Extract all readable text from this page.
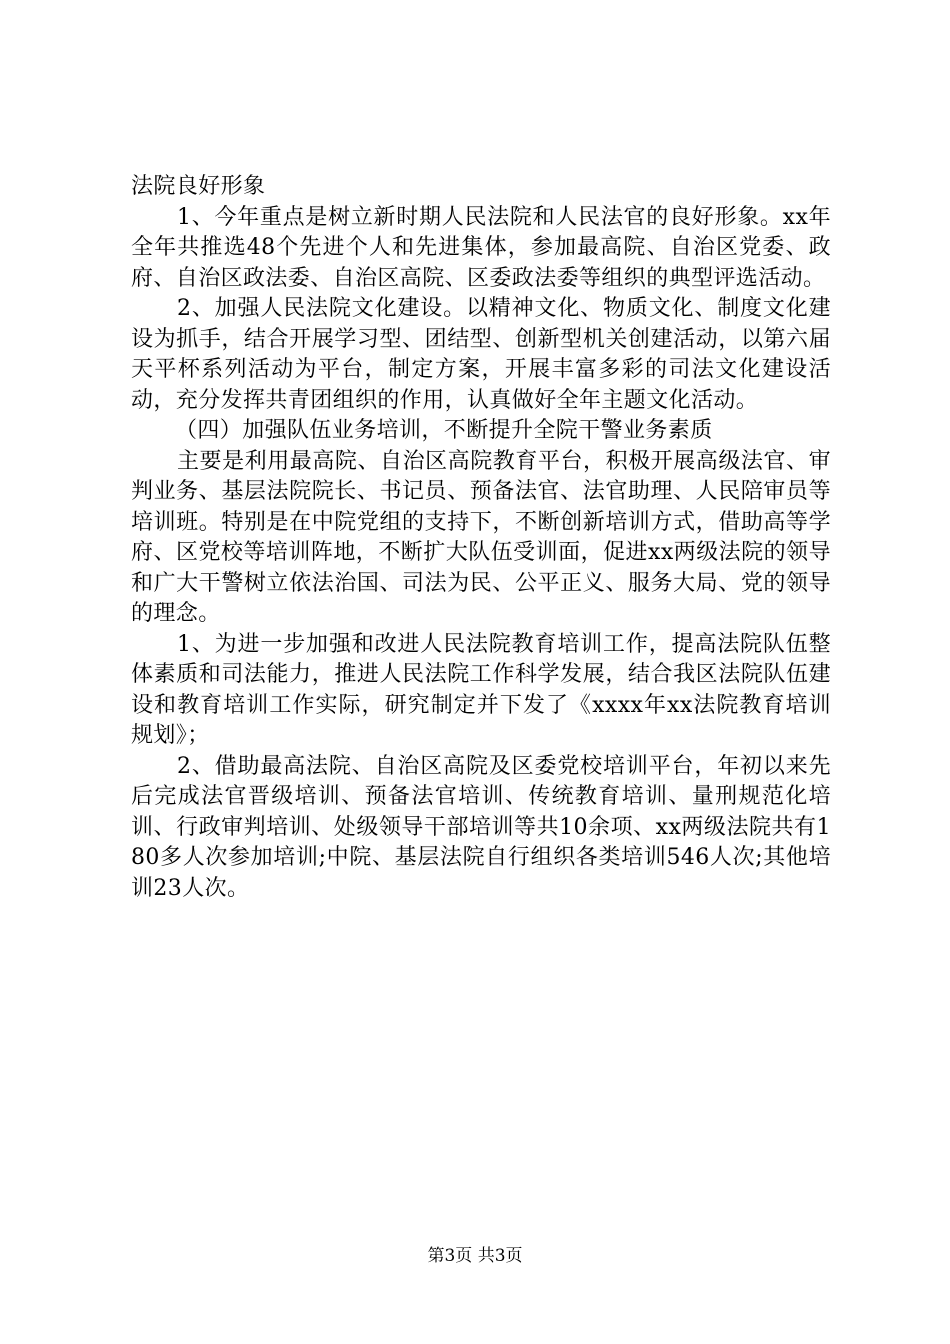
法院良好形象

1、今年重点是树立新时期人民法院和人民法官的良好形象。xx年全年共推选48个先进个人和先进集体，参加最高院、自治区党委、政府、自治区政法委、自治区高院、区委政法委等组织的典型评选活动。

2、加强人民法院文化建设。以精神文化、物质文化、制度文化建设为抓手，结合开展学习型、团结型、创新型机关创建活动，以第六届天平杯系列活动为平台，制定方案，开展丰富多彩的司法文化建设活动，充分发挥共青团组织的作用，认真做好全年主题文化活动。

（四）加强队伍业务培训，不断提升全院干警业务素质

主要是利用最高院、自治区高院教育平台，积极开展高级法官、审判业务、基层法院院长、书记员、预备法官、法官助理、人民陪审员等培训班。特别是在中院党组的支持下，不断创新培训方式，借助高等学府、区党校等培训阵地，不断扩大队伍受训面，促进xx两级法院的领导和广大干警树立依法治国、司法为民、公平正义、服务大局、党的领导的理念。

1、为进一步加强和改进人民法院教育培训工作，提高法院队伍整体素质和司法能力，推进人民法院工作科学发展，结合我区法院队伍建设和教育培训工作实际，研究制定并下发了《xxxx年xx法院教育培训规划》；

2、借助最高法院、自治区高院及区委党校培训平台，年初以来先后完成法官晋级培训、预备法官培训、传统教育培训、量刑规范化培训、行政审判培训、处级领导干部培训等共10余项、xx两级法院共有180多人次参加培训;中院、基层法院自行组织各类培训546人次;其他培训23人次。

第3页 共3页
